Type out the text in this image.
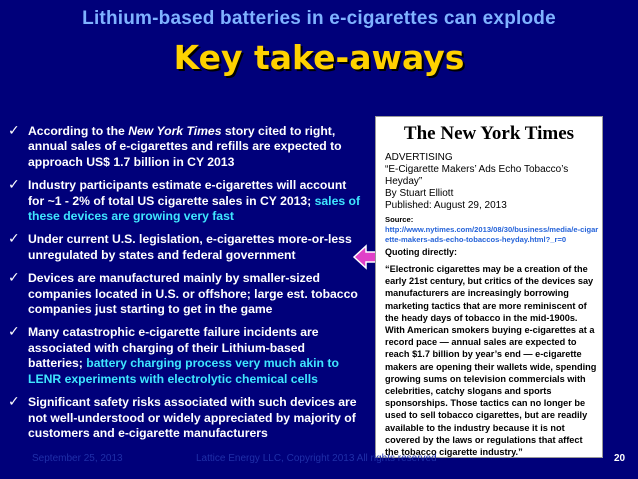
Lithium-based batteries in e-cigarettes can explode
Key take-aways
✓ According to the New York Times story cited to right, annual sales of e-cigarettes and refills are expected to approach US$ 1.7 billion in CY 2013
✓ Industry participants estimate e-cigarettes will account for ~1 - 2% of total US cigarette sales in CY 2013; sales of these devices are growing very fast
✓ Under current U.S. legislation, e-cigarettes more-or-less unregulated by states and federal government
✓ Devices are manufactured mainly by smaller-sized companies located in U.S. or offshore; large est. tobacco companies just starting to get in the game
✓ Many catastrophic e-cigarette failure incidents are associated with charging of their Lithium-based batteries; battery charging process very much akin to LENR experiments with electrolytic chemical cells
✓ Significant safety risks associated with such devices are not well-understood or widely appreciated by majority of customers and e-cigarette manufacturers
The New York Times
ADVERTISING
“E-Cigarette Makers’ Ads Echo Tobacco’s Heyday”
By Stuart Elliott
Published: August 29, 2013
Source:
http://www.nytimes.com/2013/08/30/business/media/e-cigarette-makers-ads-echo-tobaccos-heyday.html?_r=0
Quoting directly:
“Electronic cigarettes may be a creation of the early 21st century, but critics of the devices say manufacturers are increasingly borrowing marketing tactics that are more reminiscent of the heady days of tobacco in the mid-1900s. With American smokers buying e-cigarettes at a record pace — annual sales are expected to reach $1.7 billion by year’s end — e-cigarette makers are opening their wallets wide, spending growing sums on television commercials with celebrities, catchy slogans and sports sponsorships. Those tactics can no longer be used to sell tobacco cigarettes, but are readily available to the industry because it is not covered by the laws or regulations that affect the tobacco cigarette industry.”
September 25, 2013	Lattice Energy LLC, Copyright 2013 All rights reserved	20
